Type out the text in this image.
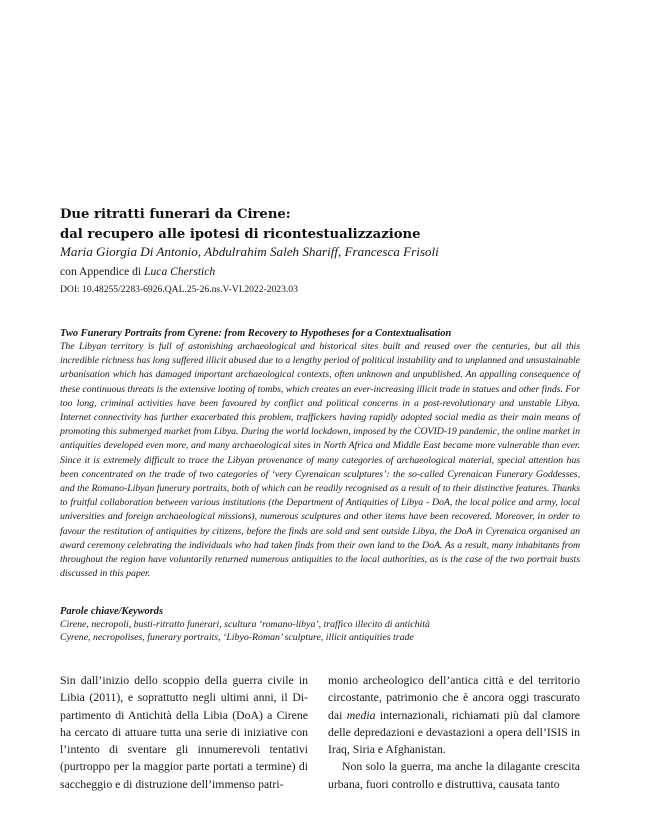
Due ritratti funerari da Cirene:
dal recupero alle ipotesi di ricontestualizzazione
Maria Giorgia Di Antonio, Abdulrahim Saleh Shariff, Francesca Frisoli
con Appendice di Luca Cherstich
DOI: 10.48255/2283-6926.QAL.25-26.ns.V-VI.2022-2023.03
Two Funerary Portraits from Cyrene: from Recovery to Hypotheses for a Contextualisation

The Libyan territory is full of astonishing archaeological and historical sites built and reused over the centuries, but all this incredible richness has long suffered illicit abused due to a lengthy period of political instability and to unplanned and unsustainable urbanisation which has damaged important archaeological contexts, often unknown and unpublished. An appalling consequence of these continuous threats is the extensive looting of tombs, which creates an ever-increasing illicit trade in statues and other finds. For too long, criminal activities have been favoured by conflict and political concerns in a post-revolutionary and unstable Libya. Internet connectivity has further exacerbated this problem, traffickers having rapidly adopted social media as their main means of promoting this submerged market from Libya. During the world lockdown, imposed by the COVID-19 pandemic, the online market in antiquities developed even more, and many archaeological sites in North Africa and Middle East became more vulnerable than ever. Since it is extremely difficult to trace the Libyan provenance of many categories of archaeological material, special attention has been concentrated on the trade of two categories of ‘very Cyrenaican sculptures’: the so-called Cyrenaican Funerary Goddesses, and the Romano-Libyan funerary portraits, both of which can be readily recognised as a result of to their distinctive features. Thanks to fruitful collaboration between various institutions (the Department of Antiquities of Libya - DoA, the local police and army, local universities and foreign archaeological missions), numerous sculptures and other items have been recovered. Moreover, in order to favour the restitution of antiquities by citizens, before the finds are sold and sent outside Libya, the DoA in Cyrenaica organised an award ceremony celebrating the individuals who had taken finds from their own land to the DoA. As a result, many inhabitants from throughout the region have voluntarily returned numerous antiquities to the local authorities, as is the case of the two portrait busts discussed in this paper.

Parole chiave/Keywords
Cirene, necropoli, busti-ritratto funerari, scultura ‘romano-libya’, traffico illecito di antichità
Cyrene, necropolises, funerary portraits, ‘Libyo-Roman’ sculpture, illicit antiquities trade

Sin dall’inizio dello scoppio della guerra civile in Libia (2011), e soprattutto negli ultimi anni, il Dipartimento di Antichità della Libia (DoA) a Cirene ha cercato di attuare tutta una serie di iniziative con l’intento di sventare gli innumerevoli tentativi (purtroppo per la maggior parte portati a termine) di saccheggio e di distruzione dell’immenso patri-

monio archeologico dell’antica città e del territorio circostante, patrimonio che è ancora oggi trascurato dai media internazionali, richiamati più dal clamore delle depredazioni e devastazioni a opera dell’ISIS in Iraq, Siria e Afghanistan.

Non solo la guerra, ma anche la dilagante crescita urbana, fuori controllo e distruttiva, causata tanto
